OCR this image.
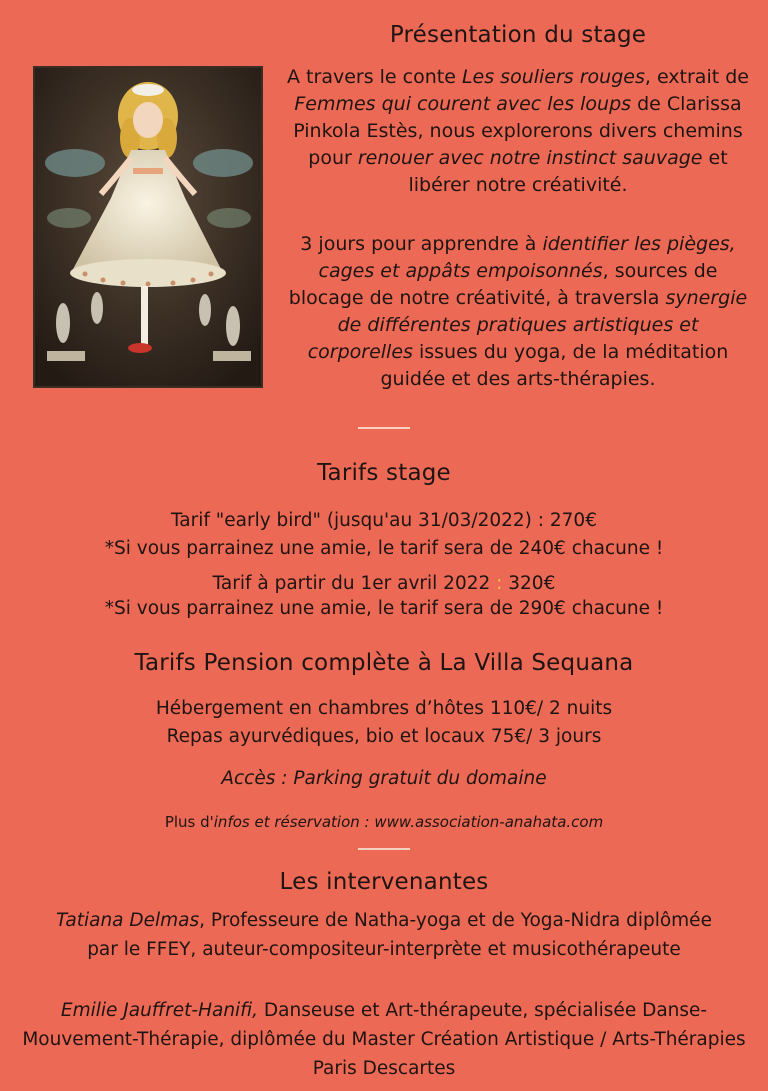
Présentation du stage
A travers le conte Les souliers rouges, extrait de Femmes qui courent avec les loups de Clarissa Pinkola Estès, nous explorerons divers chemins pour renouer avec notre instinct sauvage et libérer notre créativité.
3 jours pour apprendre à identifier les pièges, cages et appâts empoisonnés, sources de blocage de notre créativité, à traversla synergie de différentes pratiques artistiques et corporelles issues du yoga, de la méditation guidée et des arts-thérapies.
Tarifs stage
Tarif "early bird" (jusqu'au 31/03/2022) : 270€
*Si vous parrainez une amie, le tarif sera de 240€ chacune !
Tarif à partir du 1er avril 2022 : 320€
*Si vous parrainez une amie, le tarif sera de 290€ chacune !
Tarifs Pension complète à La Villa Sequana
Hébergement en chambres d’hôtes 110€/ 2 nuits
Repas ayurvédiques, bio et locaux 75€/ 3 jours
Accès : Parking gratuit du domaine
Plus d'infos et réservation : www.association-anahata.com
Les intervenantes
Tatiana Delmas, Professeure de Natha-yoga et de Yoga-Nidra diplômée par le FFEY, auteur-compositeur-interprète et musicothérapeute
Emilie Jauffret-Hanifi, Danseuse et Art-thérapeute, spécialisée Danse-Mouvement-Thérapie, diplômée du Master Création Artistique / Arts-Thérapies Paris Descartes
